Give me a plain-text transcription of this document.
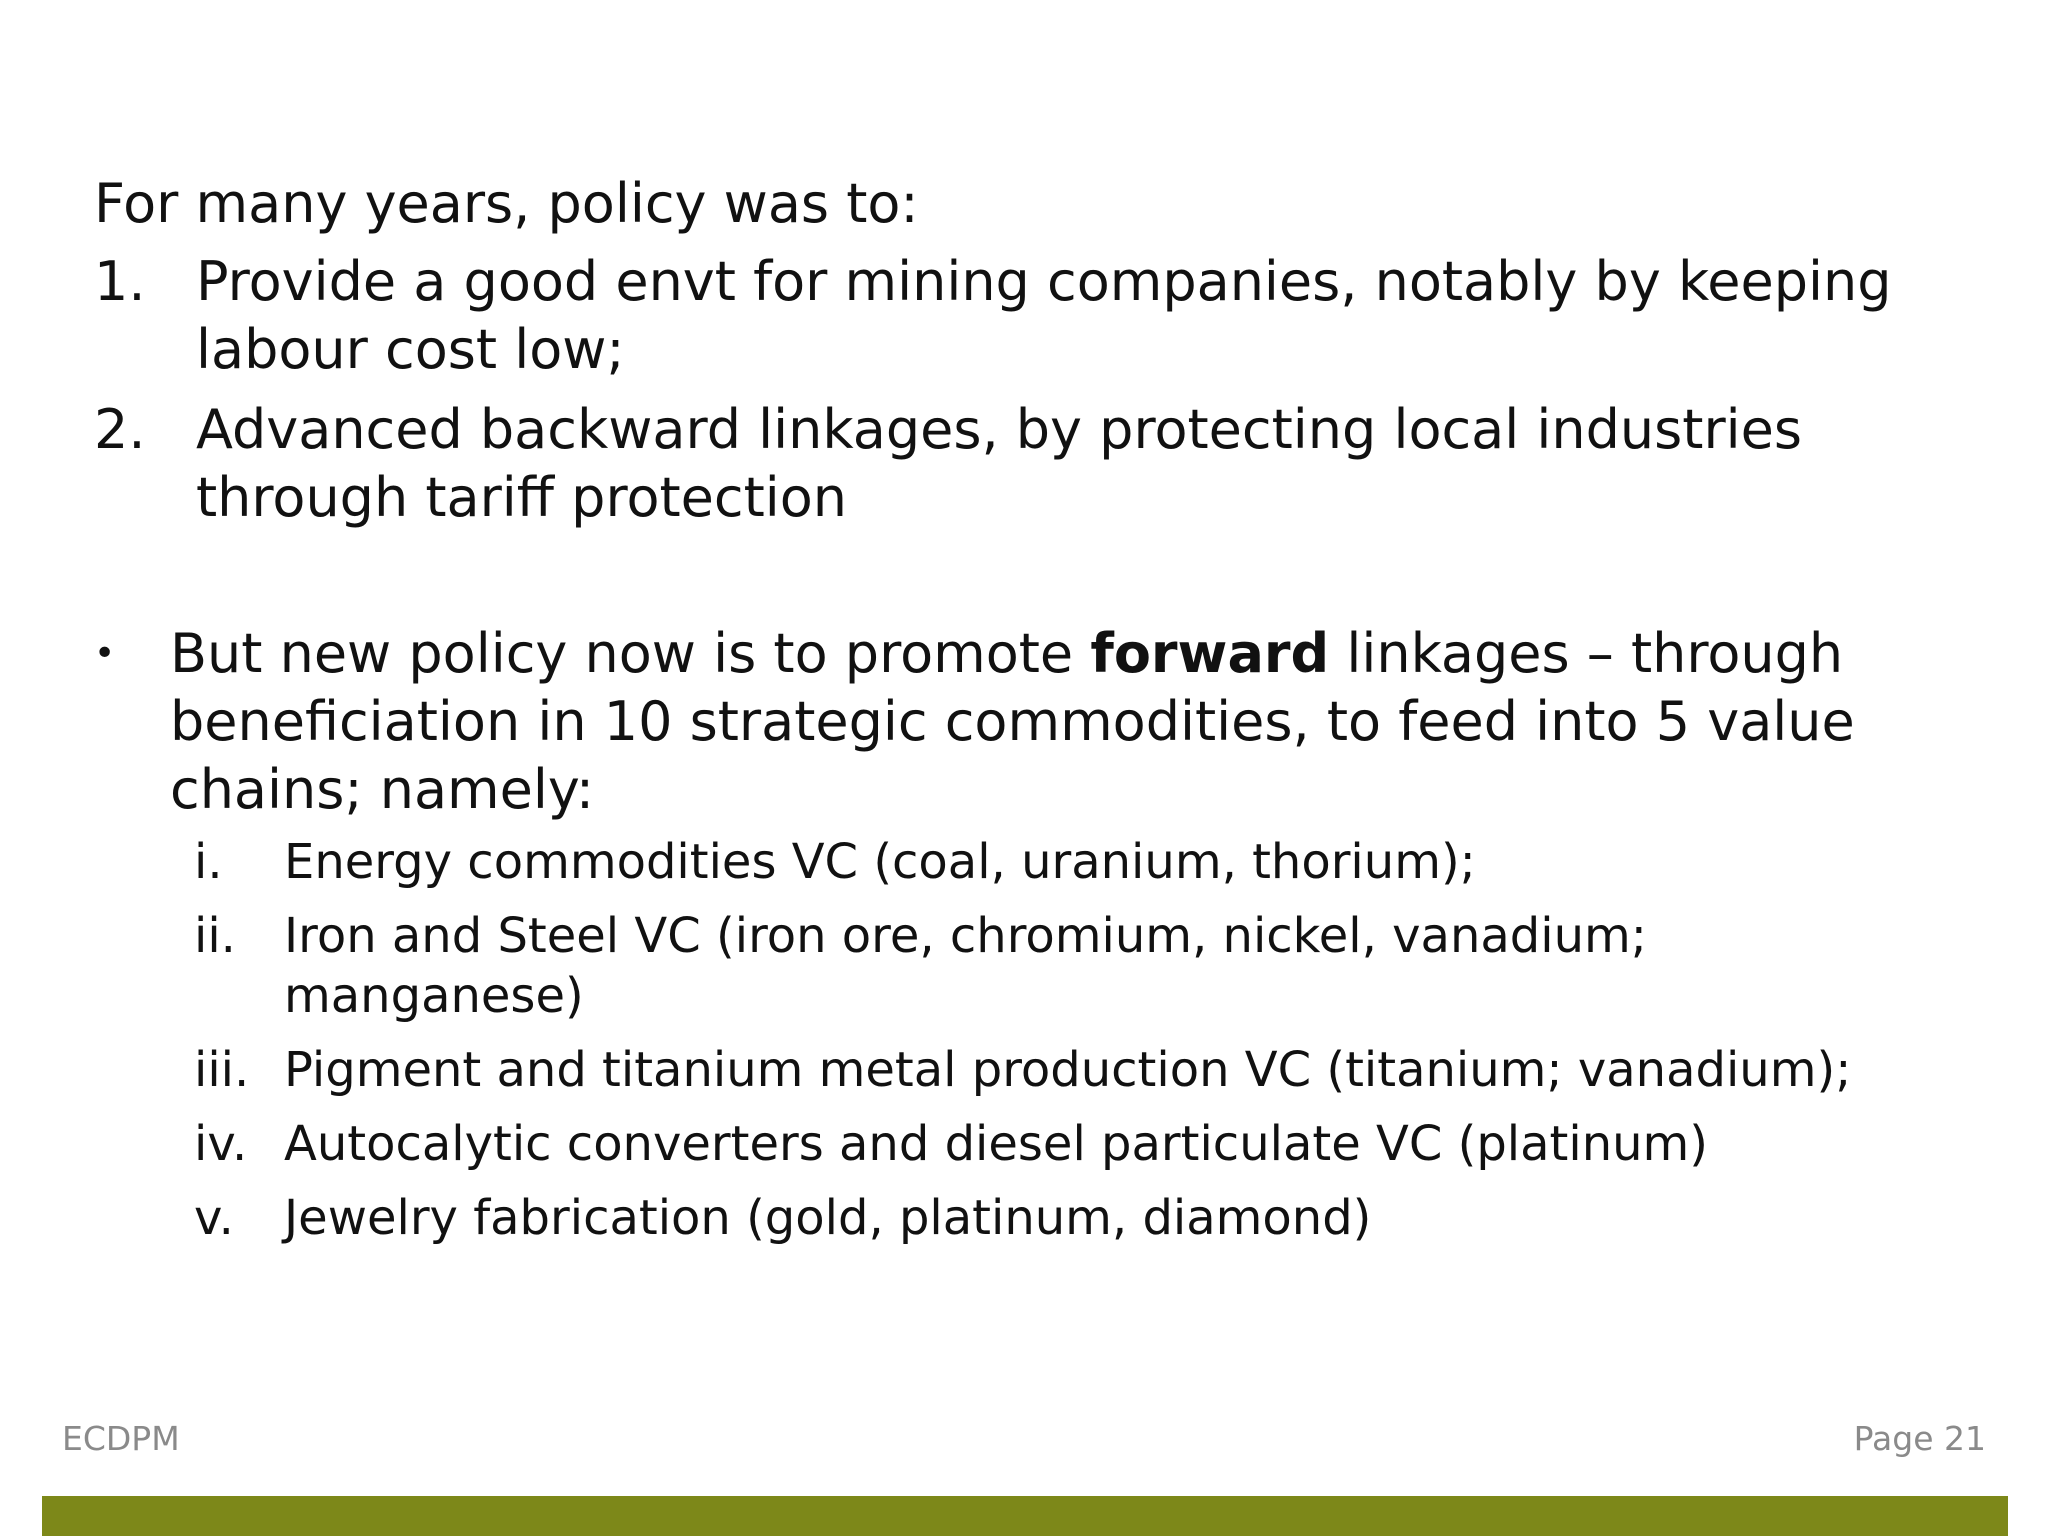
For many years, policy was to:

1. Provide a good envt for mining companies, notably by keeping labour cost low;
2. Advanced backward linkages, by protecting local industries through tariff protection
•	But new policy now is to promote forward linkages – through beneficiation in 10 strategic commodities, to feed into 5 value chains; namely:
i.	Energy commodities VC (coal, uranium, thorium);
ii.	Iron and Steel VC (iron ore, chromium, nickel, vanadium; manganese)
iii. Pigment and titanium metal production VC (titanium; vanadium);
iv. Autocalytic converters and diesel particulate VC (platinum)
v.	Jewelry fabrication (gold, platinum, diamond)
ECDPM	Page 21
